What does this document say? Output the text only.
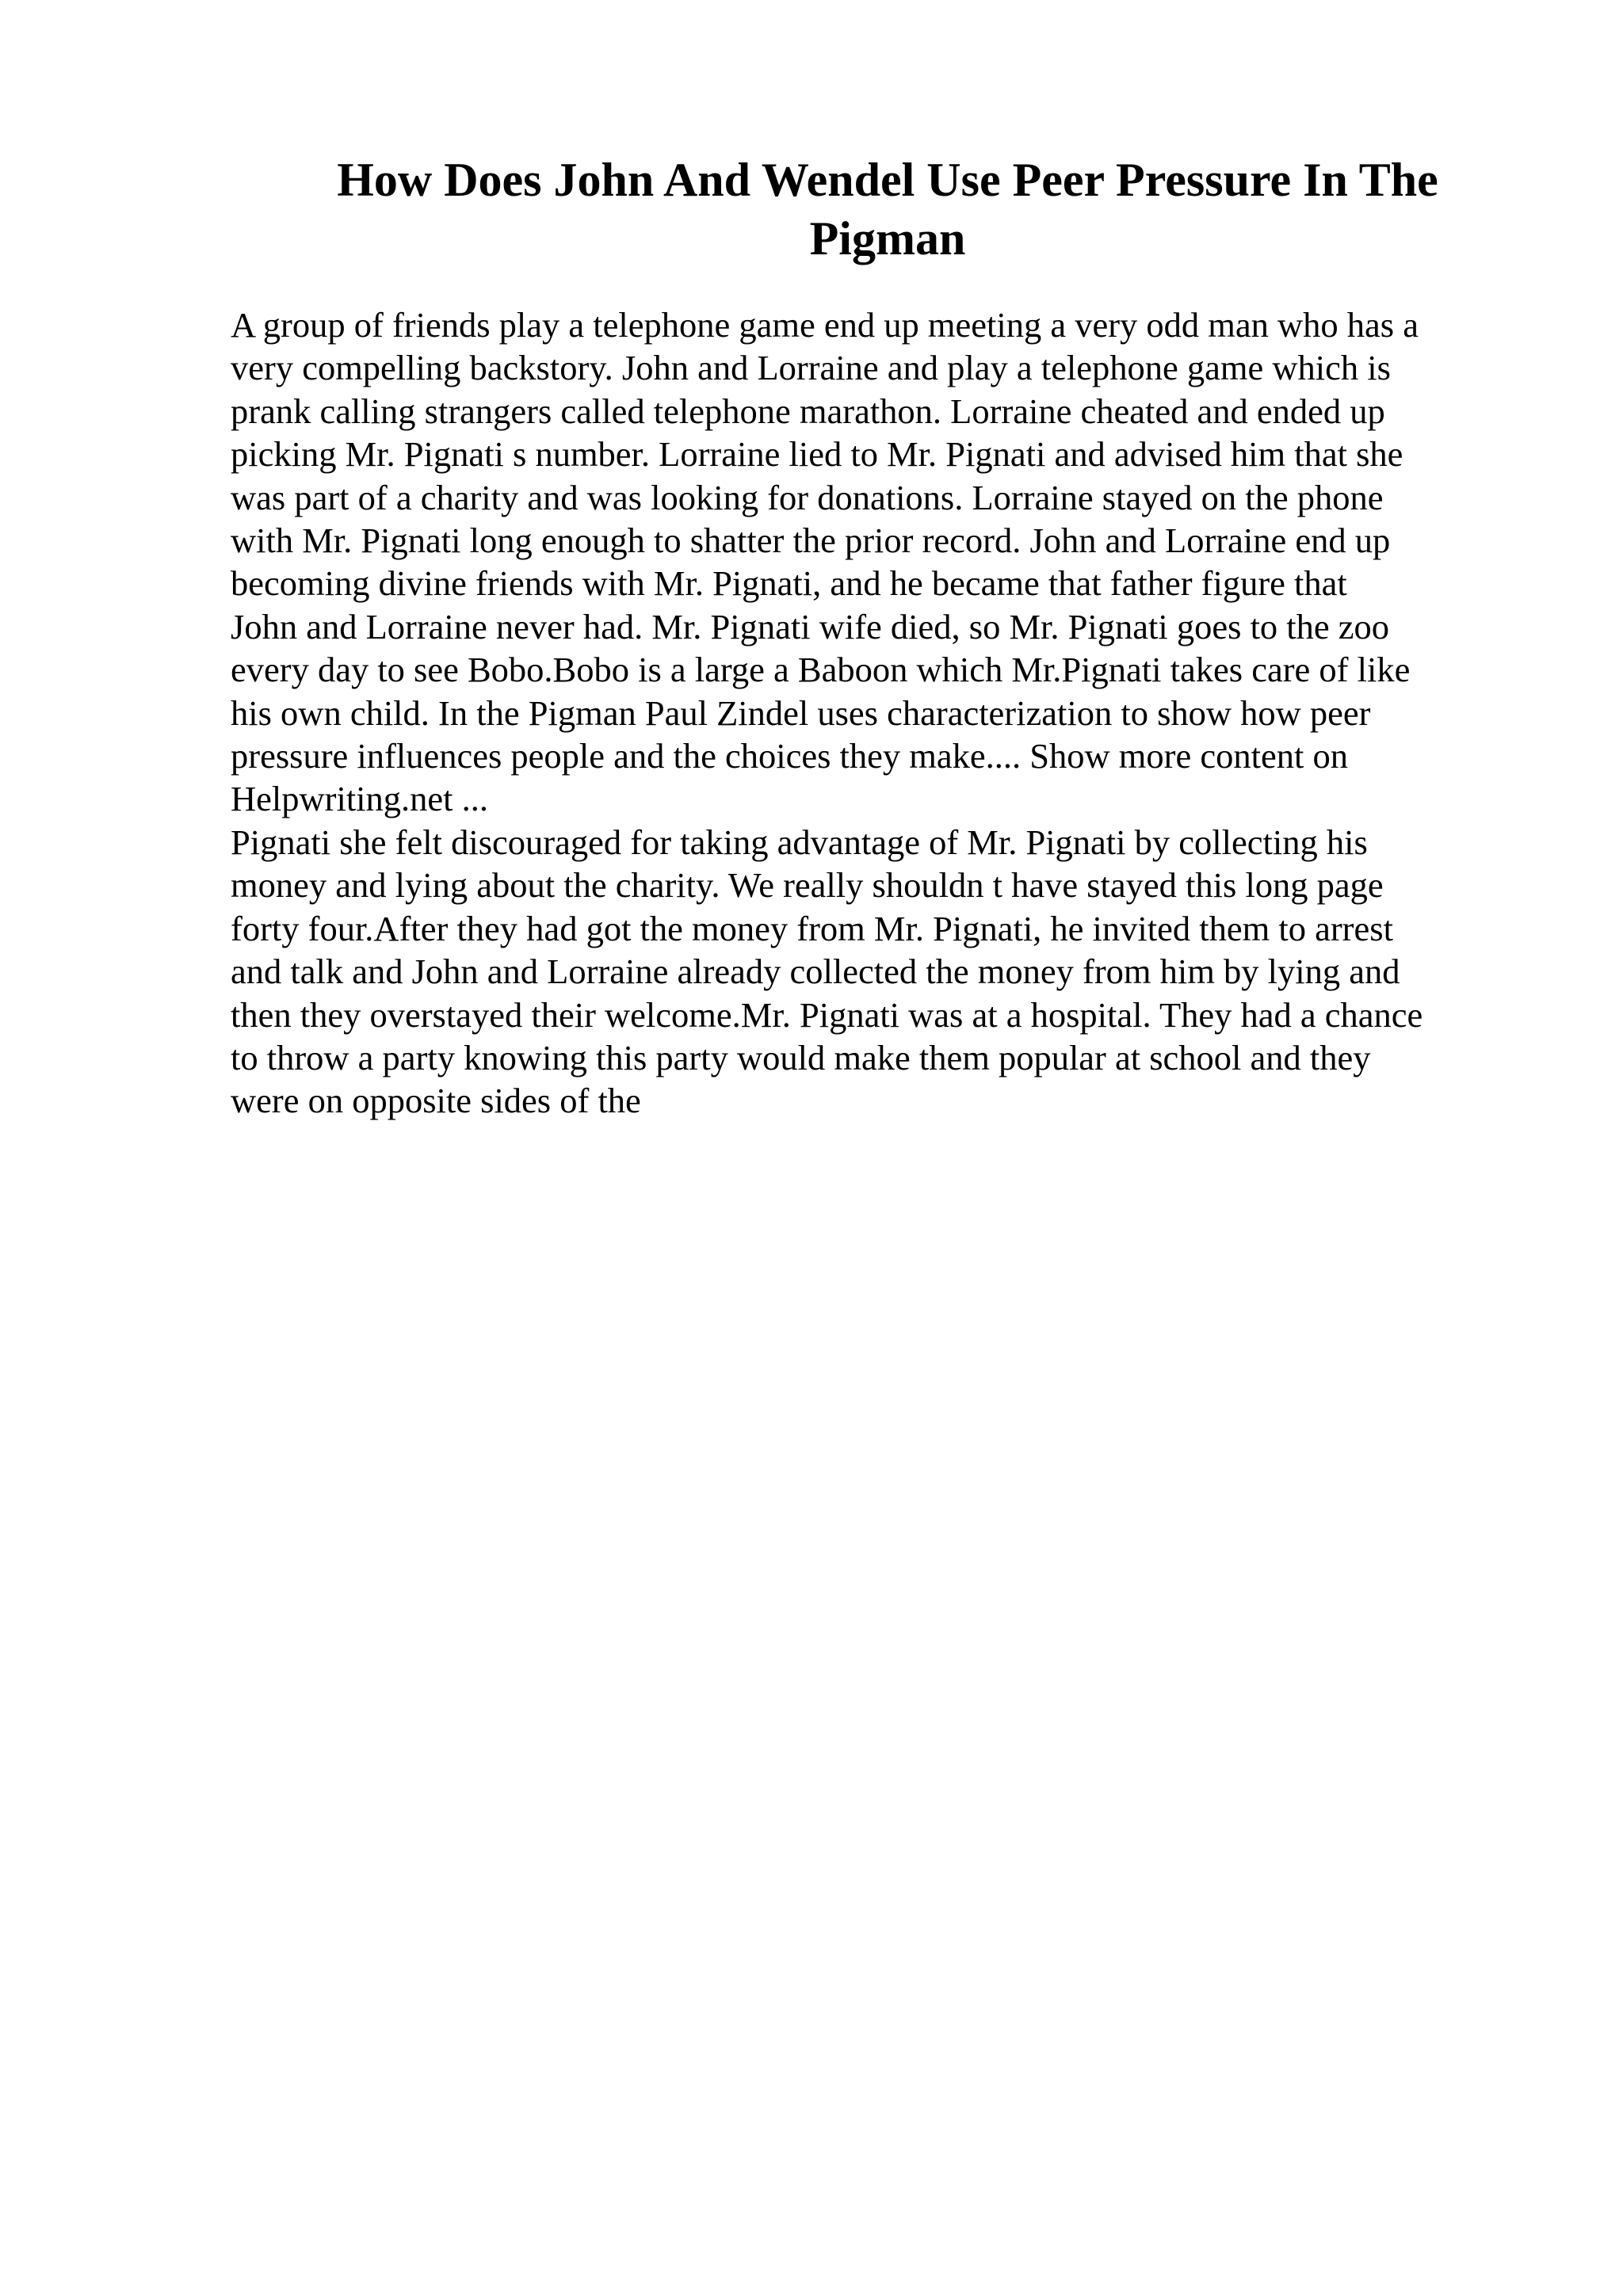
How Does John And Wendel Use Peer Pressure In The
Pigman
A group of friends play a telephone game end up meeting a very odd man who has a
very compelling backstory. John and Lorraine and play a telephone game which is
prank calling strangers called telephone marathon. Lorraine cheated and ended up
picking Mr. Pignati s number. Lorraine lied to Mr. Pignati and advised him that she
was part of a charity and was looking for donations. Lorraine stayed on the phone
with Mr. Pignati long enough to shatter the prior record. John and Lorraine end up
becoming divine friends with Mr. Pignati, and he became that father figure that
John and Lorraine never had. Mr. Pignati wife died, so Mr. Pignati goes to the zoo
every day to see Bobo.Bobo is a large a Baboon which Mr.Pignati takes care of like
his own child. In the Pigman Paul Zindel uses characterization to show how peer
pressure influences people and the choices they make.... Show more content on
Helpwriting.net ...
Pignati she felt discouraged for taking advantage of Mr. Pignati by collecting his
money and lying about the charity. We really shouldn t have stayed this long page
forty four.After they had got the money from Mr. Pignati, he invited them to arrest
and talk and John and Lorraine already collected the money from him by lying and
then they overstayed their welcome.Mr. Pignati was at a hospital. They had a chance
to throw a party knowing this party would make them popular at school and they
were on opposite sides of the
